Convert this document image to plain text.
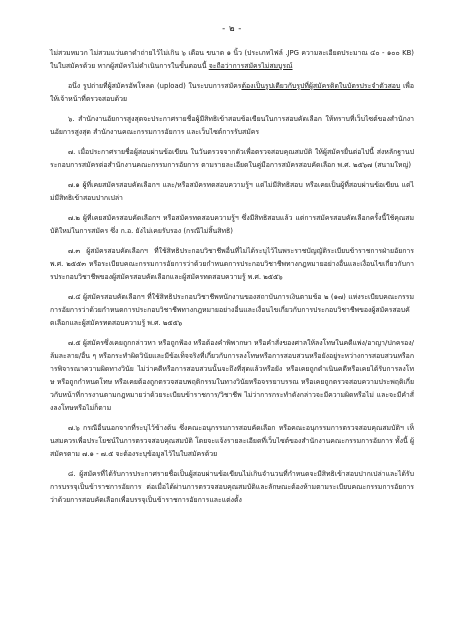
- ๒ -

ไม่สวมหมวก ไม่สวมแว่นตาดำถ่ายไว้ไม่เกิน ๖ เดือน ขนาด ๑ นิ้ว (ประเภทไฟล์ .JPG ความละเอียดประมาณ ๔๐ - ๑๐๐ KB) ในใบสมัครด้วย หากผู้สมัครไม่ดำเนินการในขั้นตอนนี้ จะถือว่าการสมัครไม่สมบูรณ์

อนึ่ง รูปถ่ายที่ผู้สมัครอัพโหลด (upload) ในระบบการสมัครต้องเป็นรูปเดียวกับรูปที่ผู้สมัครติดในบัตรประจำตัวสอบ เพื่อให้เจ้าหน้าที่ตรวจสอบด้วย

๖. สำนักงานอัยการสูงสุดจะประกาศรายชื่อผู้มีสิทธิเข้าสอบข้อเขียนในการสอบคัดเลือก ให้ทราบที่เว็บไซต์ของสำนักงานอัยการสูงสุด สำนักงานคณะกรรมการอัยการ และเว็บไซต์การรับสมัคร

๗. เมื่อประกาศรายชื่อผู้สอบผ่านข้อเขียน ในวันตรวจจากตัวเพื่อตรวจสอบคุณสมบัติ ให้ผู้สมัครยื่นต่อไปนี้ ส่งหลักฐานประกอบการสมัครต่อสำนักงานคณะกรรมการอัยการ ตามรายละเอียดในคู่มือการสมัครสอบคัดเลือก พ.ศ. ๒๕๖๗ (สนามใหญ่)

๗.๑ ผู้ที่เคยสมัครสอบคัดเลือกฯ และ/หรือสมัครทดสอบความรู้ฯ แต่ไม่มีสิทธิสอบ หรือเคยเป็นผู้ที่สอบผ่านข้อเขียน แต่ไม่มีสิทธิเข้าสอบปากเปล่า

๗.๒ ผู้ที่เคยสมัครสอบคัดเลือกฯ หรือสมัครทดสอบความรู้ฯ ซึ่งมีสิทธิสอบแล้ว แต่การสมัครสอบคัดเลือกครั้งนี้ใช้คุณสมบัติใหม่ในการสมัคร ซึ่ง ก.อ. ยังไม่เคยรับรอง (กรณีไม่สิ้นสิทธิ)

๗.๓ ผู้สมัครสอบคัดเลือกฯ ที่ใช้สิทธิประกอบวิชาชีพอื่นที่ไม่ได้ระบุไว้ในพระราชบัญญัติระเบียบข้าราชการฝ่ายอัยการ พ.ศ. ๒๕๕๓ หรือระเบียบคณะกรรมการอัยการว่าด้วยกำหนดการประกอบวิชาชีพทางกฎหมายอย่างอื่นและเงื่อนไขเกี่ยวกับการประกอบวิชาชีพของผู้สมัครสอบคัดเลือกและผู้สมัครทดสอบความรู้ พ.ศ. ๒๕๕๖

๗.๔ ผู้สมัครสอบคัดเลือกฯ ที่ใช้สิทธิประกอบวิชาชีพหนักงานของสถาบันการเงินตามข้อ ๒ (๑๗) แห่งระเบียบคณะกรรมการอัยการว่าด้วยกำหนดการประกอบวิชาชีพทางกฎหมายอย่างอื่นและเงื่อนไขเกี่ยวกับการประกอบวิชาชีพของผู้สมัครสอบคัดเลือกและผู้สมัครทดสอบความรู้ พ.ศ. ๒๕๕๖

๗.๕ ผู้สมัครซึ่งเคยถูกกล่าวหา หรือถูกฟ้อง หรือต้องคำพิพากษา หรือคำสั่งของศาลให้ลงโทษในคดีแพ่ง/อาญา/ปกครอง/ล้มละลาย/อื่น ๆ หรือกระทำผิดวินัยและมีข้อเท็จจริงที่เกี่ยวกับการลงโทษหรือการสอบสวนหรือยังอยู่ระหว่างการสอบสวนหรือการพิจารณาความผิดทางวินัย ไม่ว่าคดีหรือการสอบสวนนั้นจะถึงที่สุดแล้วหรือยัง หรือเคยถูกดำเนินคดีหรือเคยได้รับการลงโทษ หรือถูกกำหนดโทษ หรือเคยต้องถูกตรวจสอบพฤติกรรมในทางวินัยหรือจรรยาบรรณ หรือเคยถูกตรวจสอบความประพฤติเกี่ยวกับหน้าที่การงานตามกฎหมายว่าด้วยระเบียบข้าราชการ/วิชาชีพ ไม่ว่าการกระทำดังกล่าวจะมีความผิดหรือไม่ และจะมีคำสั่งลงโทษหรือไม่ก็ตาม

๗.๖ กรณีอื่นนอกจากที่ระบุไว้ข้างต้น ซึ่งคณะอนุกรรมการสอบคัดเลือก หรือคณะอนุกรรมการตรวจสอบคุณสมบัติฯ เห็นสมควรเพื่อประโยชน์ในการตรวจสอบคุณสมบัติ โดยจะแจ้งรายละเอียดที่เว็บไซต์ของสำนักงานคณะกรรมการอัยการ ทั้งนี้ ผู้สมัครตาม ๗.๑ - ๗.๕ จะต้องระบุข้อมูลไว้ในใบสมัครด้วย

๘. ผู้สมัครที่ได้รับการประกาศรายชื่อเป็นผู้สอบผ่านข้อเขียนไม่เกินจำนวนที่กำหนดจะมีสิทธิเข้าสอบปากเปล่าและได้รับการบรรจุเป็นข้าราชการอัยการ ต่อเมื่อได้ผ่านการตรวจสอบคุณสมบัติและลักษณะต้องห้ามตามระเบียบคณะกรรมการอัยการว่าด้วยการสอบคัดเลือกเพื่อบรรจุเป็นข้าราชการอัยการและแต่งตั้ง
